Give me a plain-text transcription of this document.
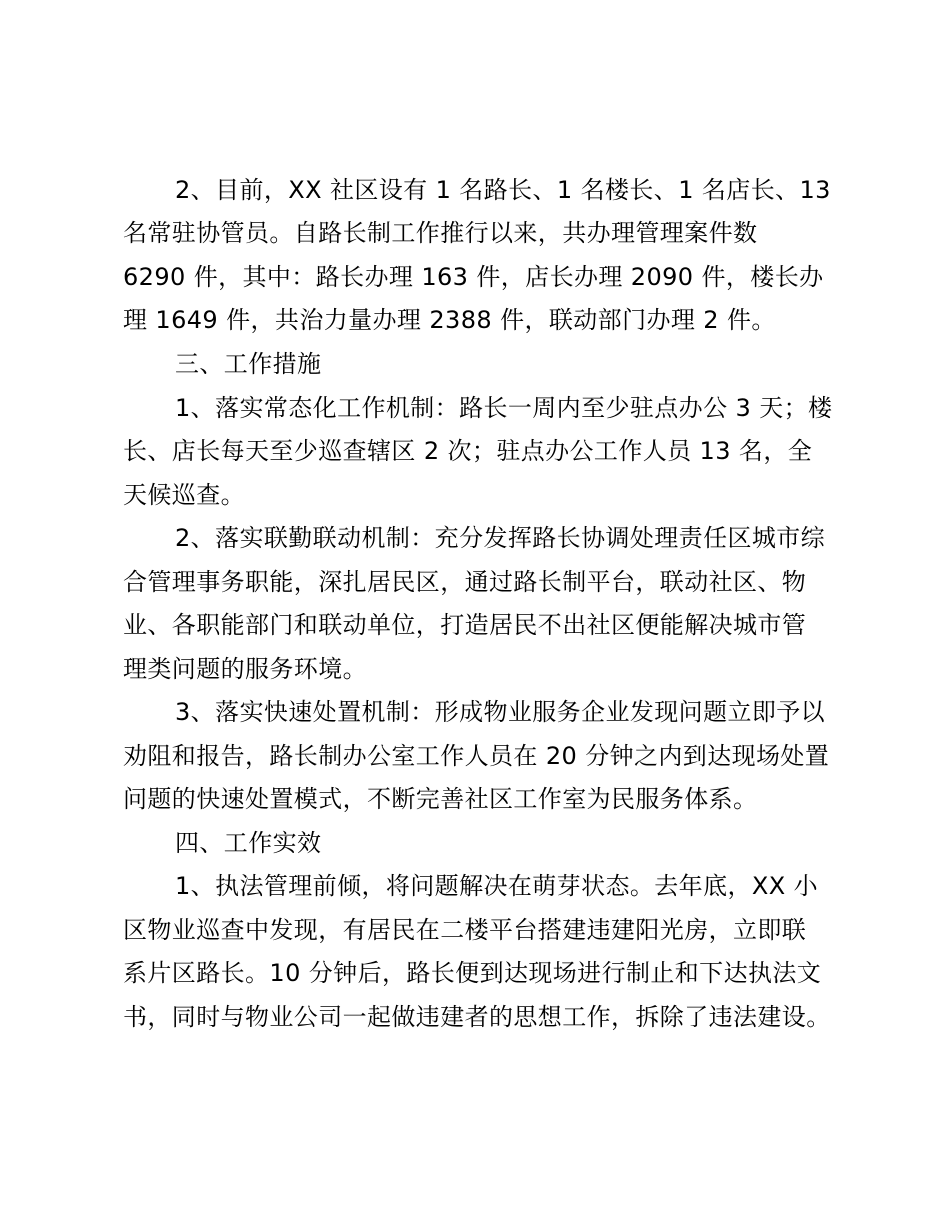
2、目前，XX 社区设有 1 名路长、1 名楼长、1 名店长、13

名常驻协管员。自路长制工作推行以来，共办理管理案件数

6290 件，其中：路长办理 163 件，店长办理 2090 件，楼长办

理 1649 件，共治力量办理 2388 件，联动部门办理 2 件。

三、工作措施

1、落实常态化工作机制：路长一周内至少驻点办公 3 天；楼

长、店长每天至少巡查辖区 2 次；驻点办公工作人员 13 名，全

天候巡查。

2、落实联勤联动机制：充分发挥路长协调处理责任区城市综

合管理事务职能，深扎居民区，通过路长制平台，联动社区、物

业、各职能部门和联动单位，打造居民不出社区便能解决城市管

理类问题的服务环境。

3、落实快速处置机制：形成物业服务企业发现问题立即予以

劝阻和报告，路长制办公室工作人员在 20 分钟之内到达现场处置

问题的快速处置模式，不断完善社区工作室为民服务体系。

四、工作实效

1、执法管理前倾，将问题解决在萌芽状态。去年底，XX 小

区物业巡查中发现，有居民在二楼平台搭建违建阳光房，立即联

系片区路长。10 分钟后，路长便到达现场进行制止和下达执法文

书，同时与物业公司一起做违建者的思想工作，拆除了违法建设。
